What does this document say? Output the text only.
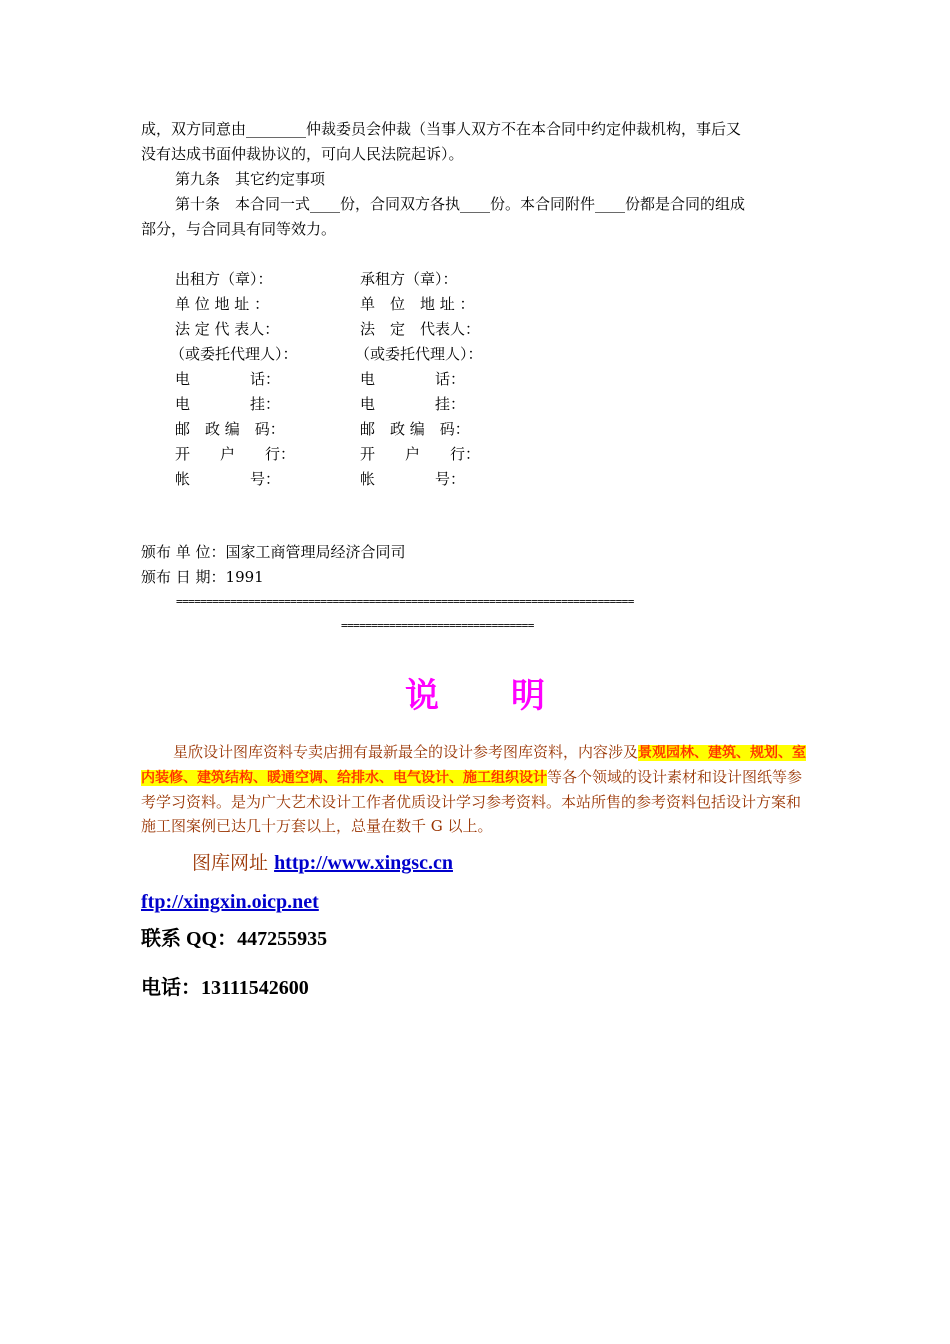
成，双方同意由________仲裁委员会仲裁（当事人双方不在本合同中约定仲裁机构，事后又
没有达成书面仲裁协议的，可向人民法院起诉）。
第九条　其它约定事项
第十条　本合同一式____份，合同双方各执____份。本合同附件____份都是合同的组成
部分，与合同具有同等效力。
出租方（章）：
单 位 地 址 ：
法 定 代 表人：
（或委托代理人）：
电　　　　话：
电　　　　挂：
邮　政 编　码：
开　　户　　行：
帐　　　　号：
承租方（章）：
单　位　地 址 ：
法　定　代表人：
（或委托代理人）：
电　　　　话：
电　　　　挂：
邮　政 编　码：
开　　户　　行：
帐　　　　号：
颁布 单 位：国家工商管理局经济合同司
颁布 日 期：1991
============================================================================
================================
说 明
星欣设计图库资料专卖店拥有最新最全的设计参考图库资料，内容涉及景观园林、建筑、规划、室内装修、建筑结构、暖通空调、给排水、电气设计、施工组织设计等各个领域的设计素材和设计图纸等参考学习资料。是为广大艺术设计工作者优质设计学习参考资料。本站所售的参考资料包括设计方案和施工图案例已达几十万套以上，总量在数千 G 以上。
图库网址 http://www.xingsc.cn
ftp://xingxin.oicp.net
联系 QQ：447255935
电话：13111542600
